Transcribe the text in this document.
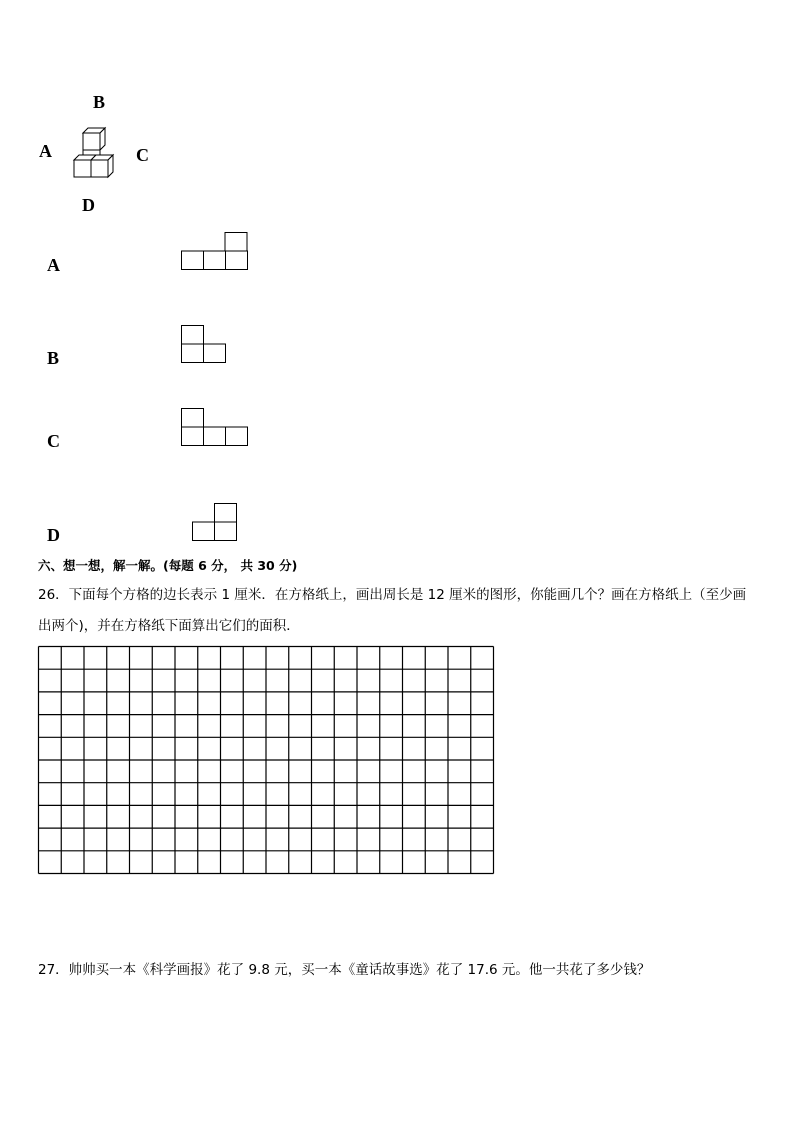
B
A	C
D
A
B
C
D
六、想一想，解一解。(每题 6 分， 共 30 分)
26．下面每个方格的边长表示 1 厘米．在方格纸上，画出周长是 12 厘米的图形，你能画几个？画在方格纸上（至少画
出两个)，并在方格纸下面算出它们的面积．
27．帅帅买一本《科学画报》花了 9.8 元，买一本《童话故事选》花了 17.6 元。他一共花了多少钱？
